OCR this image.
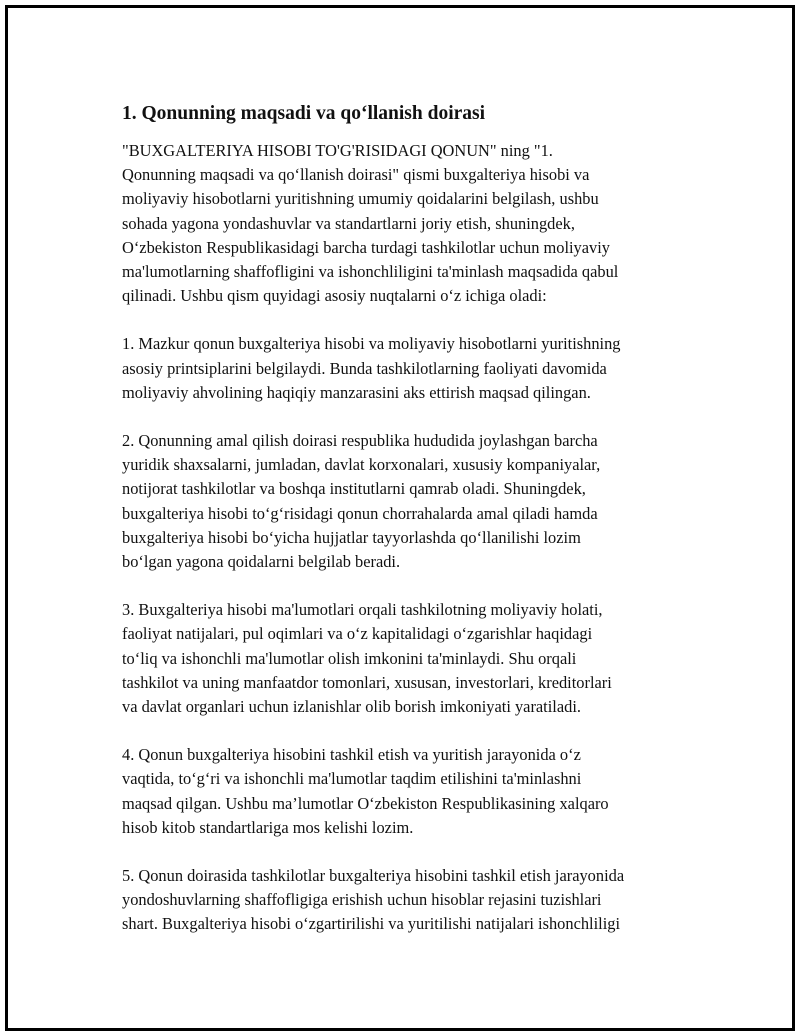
1. Qonunning maqsadi va qo‘llanish doirasi
"BUXGALTERIYA HISOBI TO'G'RISIDAGI QONUN" ning "1.
Qonunning maqsadi va qo‘llanish doirasi" qismi buxgalteriya hisobi va
moliyaviy hisobotlarni yuritishning umumiy qoidalarini belgilash, ushbu
sohada yagona yondashuvlar va standartlarni joriy etish, shuningdek,
O‘zbekiston Respublikasidagi barcha turdagi tashkilotlar uchun moliyaviy
ma'lumotlarning shaffofligini va ishonchliligini ta'minlash maqsadida qabul
qilinadi. Ushbu qism quyidagi asosiy nuqtalarni o‘z ichiga oladi:
1. Mazkur qonun buxgalteriya hisobi va moliyaviy hisobotlarni yuritishning
asosiy printsiplarini belgilaydi. Bunda tashkilotlarning faoliyati davomida
moliyaviy ahvolining haqiqiy manzarasini aks ettirish maqsad qilingan.
2. Qonunning amal qilish doirasi respublika hududida joylashgan barcha
yuridik shaxsalarni, jumladan, davlat korxonalari, xususiy kompaniyalar,
notijorat tashkilotlar va boshqa institutlarni qamrab oladi. Shuningdek,
buxgalteriya hisobi to‘g‘risidagi qonun chorrahalarda amal qiladi hamda
buxgalteriya hisobi bo‘yicha hujjatlar tayyorlashda qo‘llanilishi lozim
bo‘lgan yagona qoidalarni belgilab beradi.
3. Buxgalteriya hisobi ma'lumotlari orqali tashkilotning moliyaviy holati,
faoliyat natijalari, pul oqimlari va o‘z kapitalidagi o‘zgarishlar haqidagi
to‘liq va ishonchli ma'lumotlar olish imkonini ta'minlaydi. Shu orqali
tashkilot va uning manfaatdor tomonlari, xususan, investorlari, kreditorlari
va davlat organlari uchun izlanishlar olib borish imkoniyati yaratiladi.
4. Qonun buxgalteriya hisobini tashkil etish va yuritish jarayonida o‘z
vaqtida, to‘g‘ri va ishonchli ma'lumotlar taqdim etilishini ta'minlashni
maqsad qilgan. Ushbu ma’lumotlar O‘zbekiston Respublikasining xalqaro
hisob kitob standartlariga mos kelishi lozim.
5. Qonun doirasida tashkilotlar buxgalteriya hisobini tashkil etish jarayonida
yondoshuvlarning shaffofligiga erishish uchun hisoblar rejasini tuzishlari
shart. Buxgalteriya hisobi o‘zgartirilishi va yuritilishi natijalari ishonchliligi
